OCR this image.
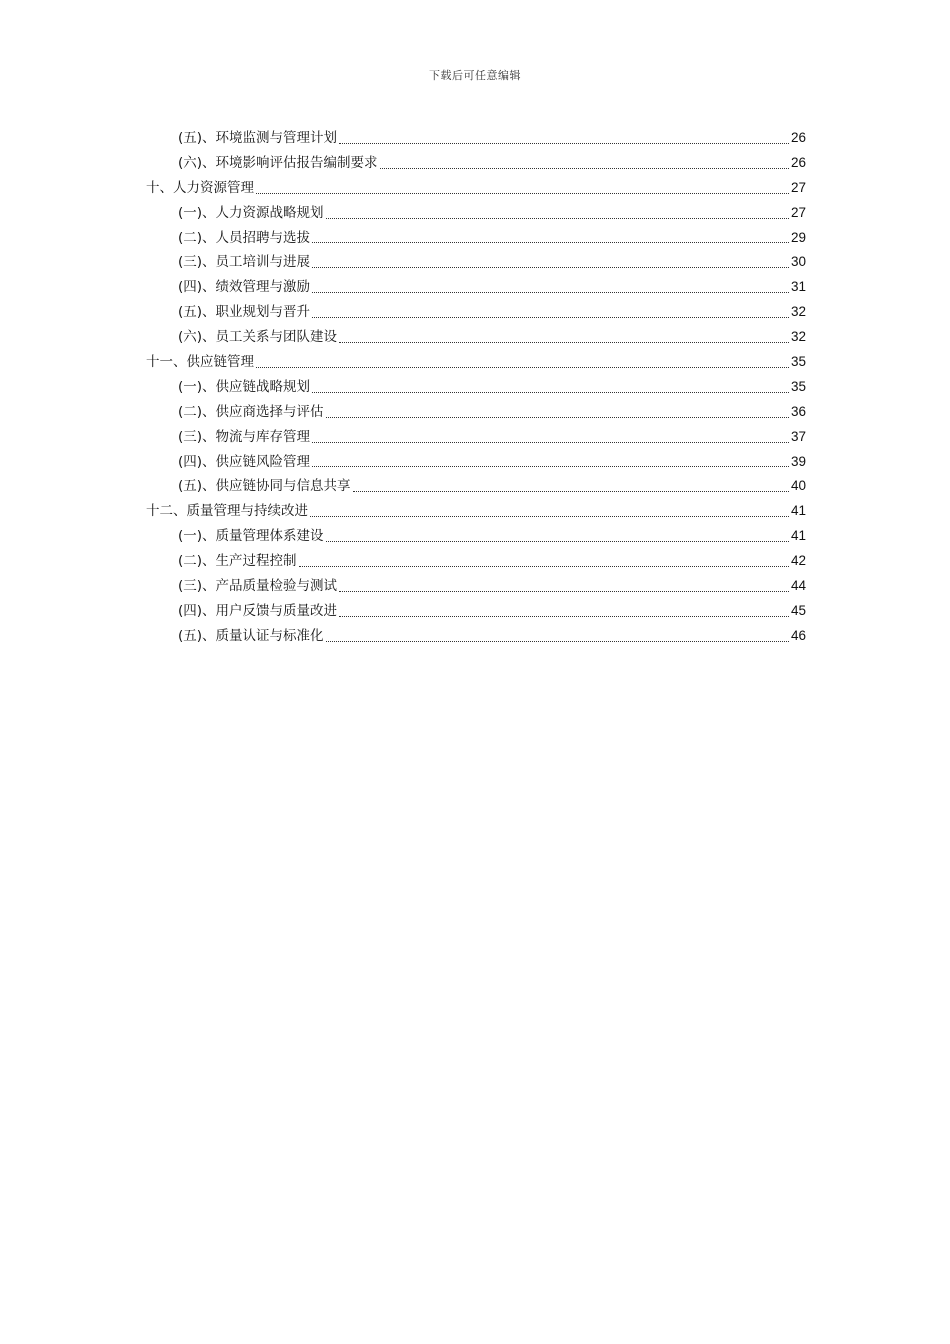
下载后可任意编辑
(五)、环境监测与管理计划	26
(六)、环境影响评估报告编制要求	26
十、人力资源管理	27
(一)、人力资源战略规划	27
(二)、人员招聘与选拔	29
(三)、员工培训与进展	30
(四)、绩效管理与激励	31
(五)、职业规划与晋升	32
(六)、员工关系与团队建设	32
十一、供应链管理	35
(一)、供应链战略规划	35
(二)、供应商选择与评估	36
(三)、物流与库存管理	37
(四)、供应链风险管理	39
(五)、供应链协同与信息共享	40
十二、质量管理与持续改进	41
(一)、质量管理体系建设	41
(二)、生产过程控制	42
(三)、产品质量检验与测试	44
(四)、用户反馈与质量改进	45
(五)、质量认证与标准化	46
